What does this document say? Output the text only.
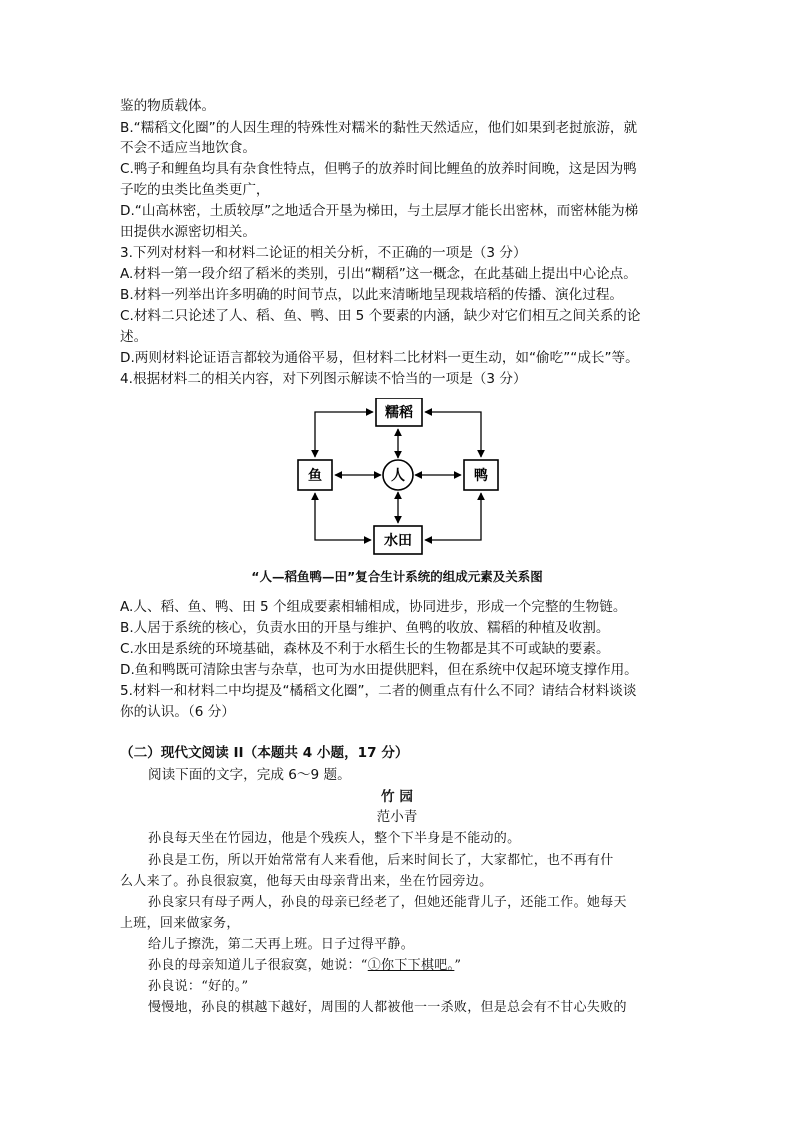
鉴的物质载体。
B.“糯稻文化圈”的人因生理的特殊性对糯米的黏性天然适应，他们如果到老挝旅游，就
不会不适应当地饮食。
C.鸭子和鲤鱼均具有杂食性特点，但鸭子的放养时间比鲤鱼的放养时间晚，这是因为鸭
子吃的虫类比鱼类更广，
D.“山高林密，土质较厚”之地适合开垦为梯田，与土层厚才能长出密林，而密林能为梯
田提供水源密切相关。
3.下列对材料一和材料二论证的相关分析，不正确的一项是（3 分）
A.材料一第一段介绍了稻米的类别，引出“糊稻”这一概念，在此基础上提出中心论点。
B.材料一列举出许多明确的时间节点，以此来清晰地呈现栽培稻的传播、演化过程。
C.材料二只论述了人、稻、鱼、鸭、田 5 个要素的内涵，缺少对它们相互之间关系的论
述。
D.两则材料论证语言都较为通俗平易，但材料二比材料一更生动，如“偷吃”“成长”等。
4.根据材料二的相关内容，对下列图示解读不恰当的一项是（3 分）
糯稻
鱼	人	鸭
水田
“人—稻鱼鸭—田”复合生计系统的组成元素及关系图
A.人、稻、鱼、鸭、田 5 个组成要素相辅相成，协同进步，形成一个完整的生物链。
B.人居于系统的核心，负责水田的开垦与维护、鱼鸭的收放、糯稻的种植及收割。
C.水田是系统的环境基础，森林及不利于水稻生长的生物都是其不可或缺的要素。
D.鱼和鸭既可清除虫害与杂草，也可为水田提供肥料，但在系统中仅起环境支撑作用。
5.材料一和材料二中均提及“橘稻文化圈”，二者的侧重点有什么不同？请结合材料谈谈
你的认识。（6 分）
（二）现代文阅读 II（本题共 4 小题，17 分）
阅读下面的文字，完成 6～9 题。
竹 园
范小青
孙良每天坐在竹园边，他是个残疾人，整个下半身是不能动的。
孙良是工伤，所以开始常常有人来看他，后来时间长了，大家都忙，也不再有什
么人来了。孙良很寂寞，他每天由母亲背出来，坐在竹园旁边。
孙良家只有母子两人，孙良的母亲已经老了，但她还能背儿子，还能工作。她每天
上班，回来做家务，
给儿子擦洗，第二天再上班。日子过得平静。
孙良的母亲知道儿子很寂寞，她说：“①你下下棋吧。”
孙良说：“好的。”
慢慢地，孙良的棋越下越好，周围的人都被他一一杀败，但是总会有不甘心失败的
